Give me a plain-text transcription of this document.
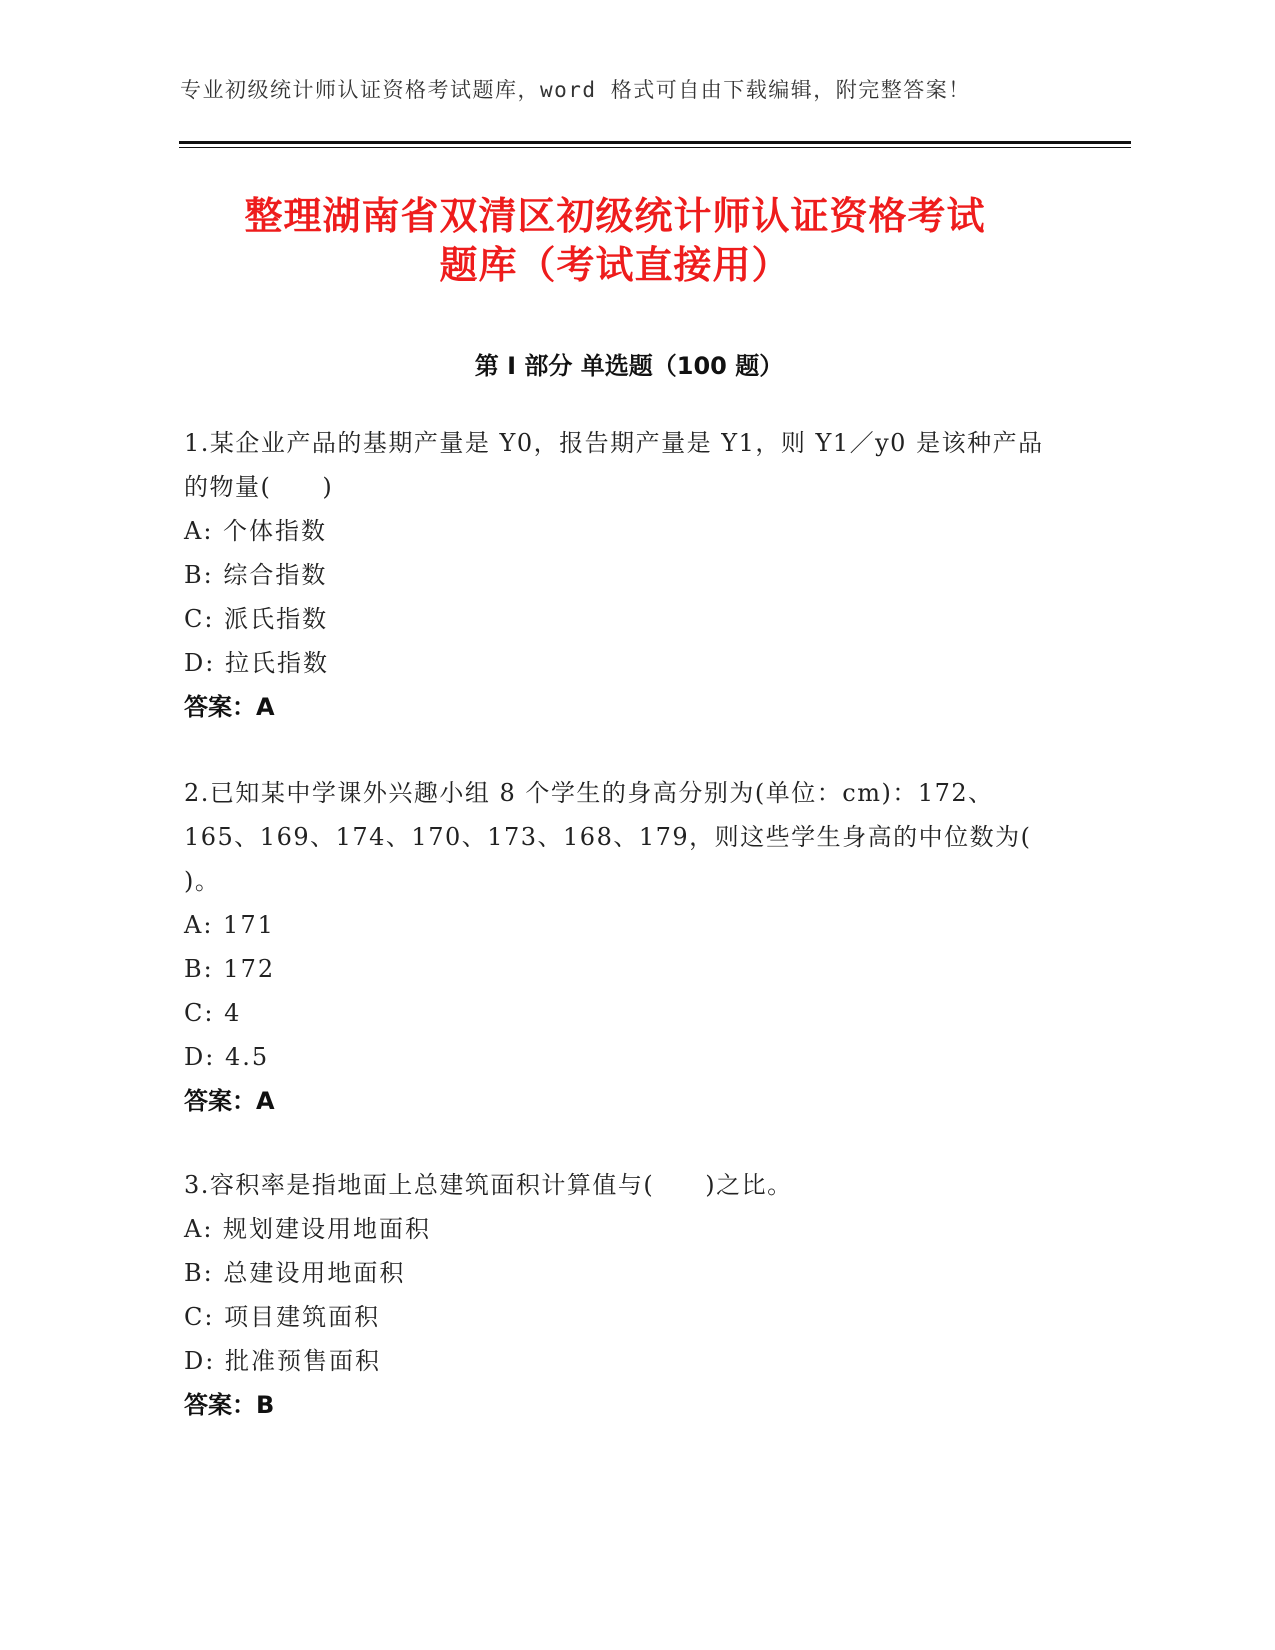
专业初级统计师认证资格考试题库，word 格式可自由下载编辑，附完整答案！
整理湖南省双清区初级统计师认证资格考试
题库（考试直接用）
第 I 部分 单选题（100 题）

1.某企业产品的基期产量是 Y0，报告期产量是 Y1，则 Y1／y0 是该种产品的物量(　　)

A: 个体指数

B: 综合指数

C: 派氏指数

D: 拉氏指数

答案：A

2.已知某中学课外兴趣小组 8 个学生的身高分别为(单位：cm)：172、165、169、174、170、173、168、179，则这些学生身高的中位数为( )。

A: 171

B: 172

C: 4

D: 4.5

答案：A

3.容积率是指地面上总建筑面积计算值与(　　)之比。

A: 规划建设用地面积

B: 总建设用地面积

C: 项目建筑面积

D: 批准预售面积

答案：B
